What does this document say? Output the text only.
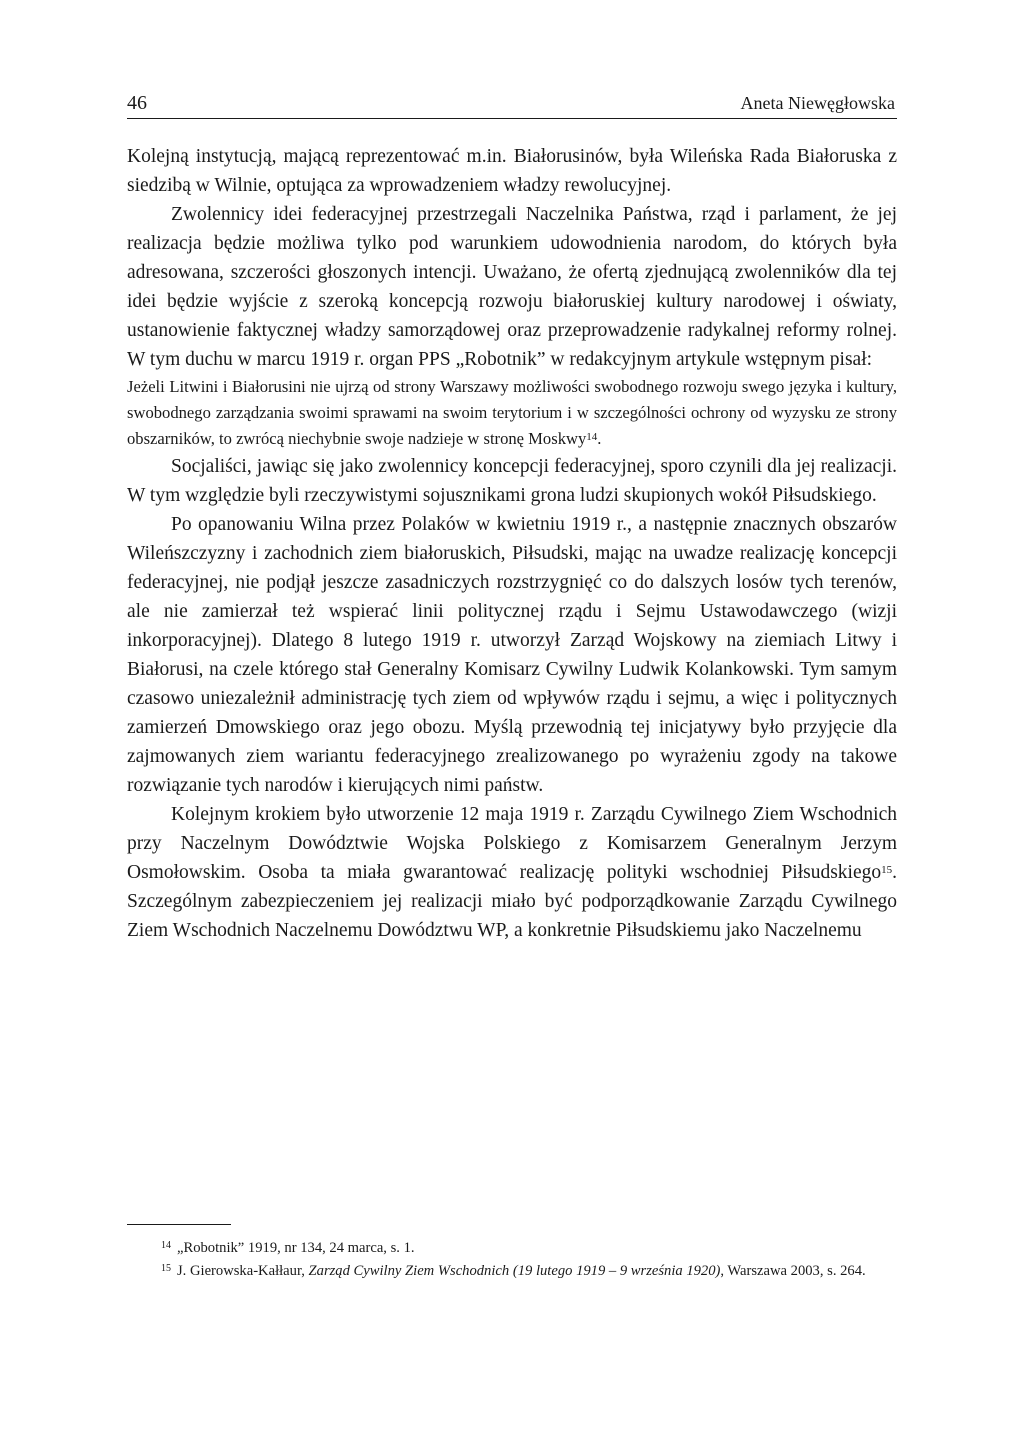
46	Aneta Niewęgłowska

Kolejną instytucją, mającą reprezentować m.in. Białorusinów, była Wileńska Rada Białoruska z siedzibą w Wilnie, optująca za wprowadzeniem władzy rewolucyjnej.

Zwolennicy idei federacyjnej przestrzegali Naczelnika Państwa, rząd i parlament, że jej realizacja będzie możliwa tylko pod warunkiem udowodnienia narodom, do których była adresowana, szczerości głoszonych intencji. Uważano, że ofertą zjednującą zwolenników dla tej idei będzie wyjście z szeroką koncepcją rozwoju białoruskiej kultury narodowej i oświaty, ustanowienie faktycznej władzy samorządowej oraz przeprowadzenie radykalnej reformy rolnej. W tym duchu w marcu 1919 r. organ PPS „Robotnik” w redakcyjnym artykule wstępnym pisał:

Jeżeli Litwini i Białorusini nie ujrzą od strony Warszawy możliwości swobodnego rozwoju swego języka i kultury, swobodnego zarządzania swoimi sprawami na swoim terytorium i w szczególności ochrony od wyzysku ze strony obszarników, to zwrócą niechybnie swoje nadzieje w stronę Moskwy$^{14}$.

Socjaliści, jawiąc się jako zwolennicy koncepcji federacyjnej, sporo czynili dla jej realizacji. W tym względzie byli rzeczywistymi sojusznikami grona ludzi skupionych wokół Piłsudskiego.

Po opanowaniu Wilna przez Polaków w kwietniu 1919 r., a następnie znacznych obszarów Wileńszczyzny i zachodnich ziem białoruskich, Piłsudski, mając na uwadze realizację koncepcji federacyjnej, nie podjął jeszcze zasadniczych rozstrzygnięć co do dalszych losów tych terenów, ale nie zamierzał też wspierać linii politycznej rządu i Sejmu Ustawodawczego (wizji inkorporacyjnej). Dlatego 8 lutego 1919 r. utworzył Zarząd Wojskowy na ziemiach Litwy i Białorusi, na czele którego stał Generalny Komisarz Cywilny Ludwik Kolankowski. Tym samym czasowo uniezależnił administrację tych ziem od wpływów rządu i sejmu, a więc i politycznych zamierzeń Dmowskiego oraz jego obozu. Myślą przewodnią tej inicjatywy było przyjęcie dla zajmowanych ziem wariantu federacyjnego zrealizowanego po wyrażeniu zgody na takowe rozwiązanie tych narodów i kierujących nimi państw.

Kolejnym krokiem było utworzenie 12 maja 1919 r. Zarządu Cywilnego Ziem Wschodnich przy Naczelnym Dowództwie Wojska Polskiego z Komisarzem Generalnym Jerzym Osmołowskim. Osoba ta miała gwarantować realizację polityki wschodniej Piłsudskiego$^{15}$. Szczególnym zabezpieczeniem jej realizacji miało być podporządkowanie Zarządu Cywilnego Ziem Wschodnich Naczelnemu Dowództwu WP, a konkretnie Piłsudskiemu jako Naczelnemu

$^{14}$ „Robotnik” 1919, nr 134, 24 marca, s. 1.

$^{15}$ J. Gierowska-Kałłaur, Zarząd Cywilny Ziem Wschodnich (19 lutego 1919 – 9 września 1920), Warszawa 2003, s. 264.
